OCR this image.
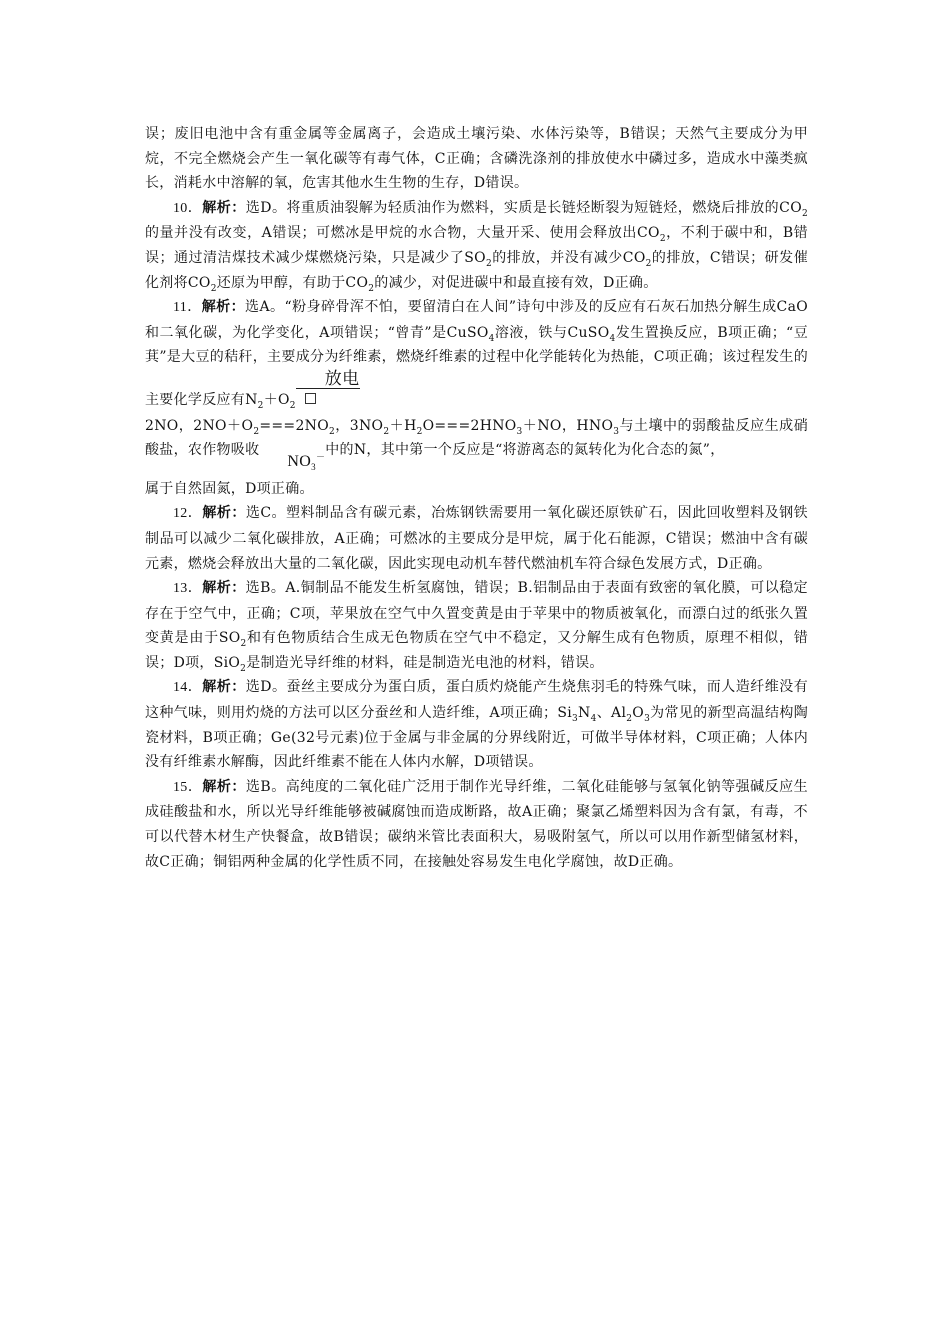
误；废旧电池中含有重金属等金属离子，会造成土壤污染、水体污染等，B错误；天然气主要成分为甲烷，不完全燃烧会产生一氧化碳等有毒气体，C正确；含磷洗涤剂的排放使水中磷过多，造成水中藻类疯长，消耗水中溶解的氧，危害其他水生生物的生存，D错误。

10．解析：选D。将重质油裂解为轻质油作为燃料，实质是长链烃断裂为短链烃，燃烧后排放的$CO_2$的量并没有改变，A错误；可燃冰是甲烷的水合物，大量开采、使用会释放出$CO_2$，不利于碳中和，B错误；通过清洁煤技术减少煤燃烧污染，只是减少了$SO_2$的排放，并没有减少$CO_2$的排放，C错误；研发催化剂将$CO_2$还原为甲醇，有助于$CO_2$的减少，对促进碳中和最直接有效，D正确。

11．解析：选A。“粉身碎骨浑不怕，要留清白在人间”诗句中涉及的反应有石灰石加热分解生成CaO和二氧化碳，为化学变化，A项错误；“曾青”是CuSO$_4$溶液，铁与CuSO$_4$发生置换反应，B项正确；“豆萁”是大豆的秸秆，主要成分为纤维素，燃烧纤维素的过程中化学能转化为热能，C项正确；该过程发生的主要化学反应有$N_2+O_2$
放电

2NO，$2NO+O_2===2NO_2$，$3NO_2+H_2O===2HNO_3+NO$，$HNO_3$与土壤中的弱酸盐反应生成硝酸盐，农作物吸收$NO_3^-$中的N，其中第一个反应是“将游离态的氮转化为化合态的氮”，

属于自然固氮，D项正确。

12．解析：选C。塑料制品含有碳元素，冶炼钢铁需要用一氧化碳还原铁矿石，因此回收塑料及钢铁制品可以减少二氧化碳排放，A正确；可燃冰的主要成分是甲烷，属于化石能源，C错误；燃油中含有碳元素，燃烧会释放出大量的二氧化碳，因此实现电动机车替代燃油机车符合绿色发展方式，D正确。

13．解析：选B。A.铜制品不能发生析氢腐蚀，错误；B.铝制品由于表面有致密的氧化膜，可以稳定存在于空气中，正确；C项，苹果放在空气中久置变黄是由于苹果中的物质被氧化，而漂白过的纸张久置变黄是由于$SO_2$和有色物质结合生成无色物质在空气中不稳定，又分解生成有色物质，原理不相似，错误；D项，SiO$_2$是制造光导纤维的材料，硅是制造光电池的材料，错误。

14．解析：选D。蚕丝主要成分为蛋白质，蛋白质灼烧能产生烧焦羽毛的特殊气味，而人造纤维没有这种气味，则用灼烧的方法可以区分蚕丝和人造纤维，A项正确；$Si_3N_4$、$Al_2O_3$为常见的新型高温结构陶瓷材料，B项正确；Ge(32号元素)位于金属与非金属的分界线附近，可做半导体材料，C项正确；人体内没有纤维素水解酶，因此纤维素不能在人体内水解，D项错误。

15．解析：选B。高纯度的二氧化硅广泛用于制作光导纤维，二氧化硅能够与氢氧化钠等强碱反应生成硅酸盐和水，所以光导纤维能够被碱腐蚀而造成断路，故A正确；聚氯乙烯塑料因为含有氯，有毒，不可以代替木材生产快餐盒，故B错误；碳纳米管比表面积大，易吸附氢气，所以可以用作新型储氢材料，故C正确；铜铝两种金属的化学性质不同，在接触处容易发生电化学腐蚀，故D正确。
